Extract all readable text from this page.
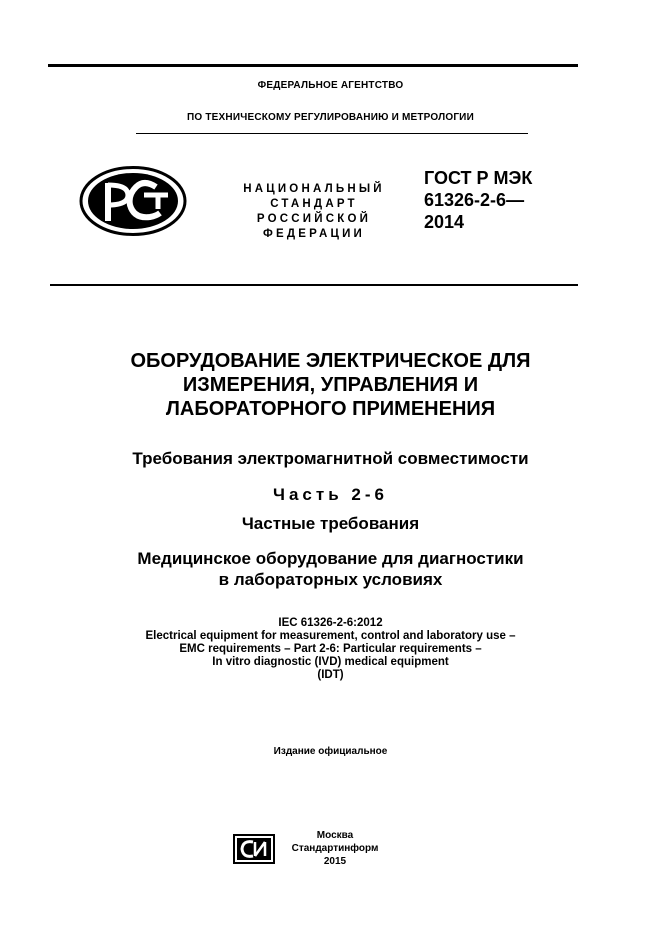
ФЕДЕРАЛЬНОЕ АГЕНТСТВО
ПО ТЕХНИЧЕСКОМУ РЕГУЛИРОВАНИЮ И МЕТРОЛОГИИ
НАЦИОНАЛЬНЫЙ
СТАНДАРТ
РОССИЙСКОЙ
ФЕДЕРАЦИИ
ГОСТ Р МЭК
61326-2-6—
2014
ОБОРУДОВАНИЕ ЭЛЕКТРИЧЕСКОЕ ДЛЯ
ИЗМЕРЕНИЯ, УПРАВЛЕНИЯ И
ЛАБОРАТОРНОГО ПРИМЕНЕНИЯ
Требования электромагнитной совместимости
Часть 2-6
Частные требования
Медицинское оборудование для диагностики
в лабораторных условиях
IEC 61326-2-6:2012
Electrical equipment for measurement, control and laboratory use –
EMC requirements – Part 2-6: Particular requirements –
In vitro diagnostic (IVD) medical equipment
(IDT)
Издание официальное
Москва
Стандартинформ
2015
